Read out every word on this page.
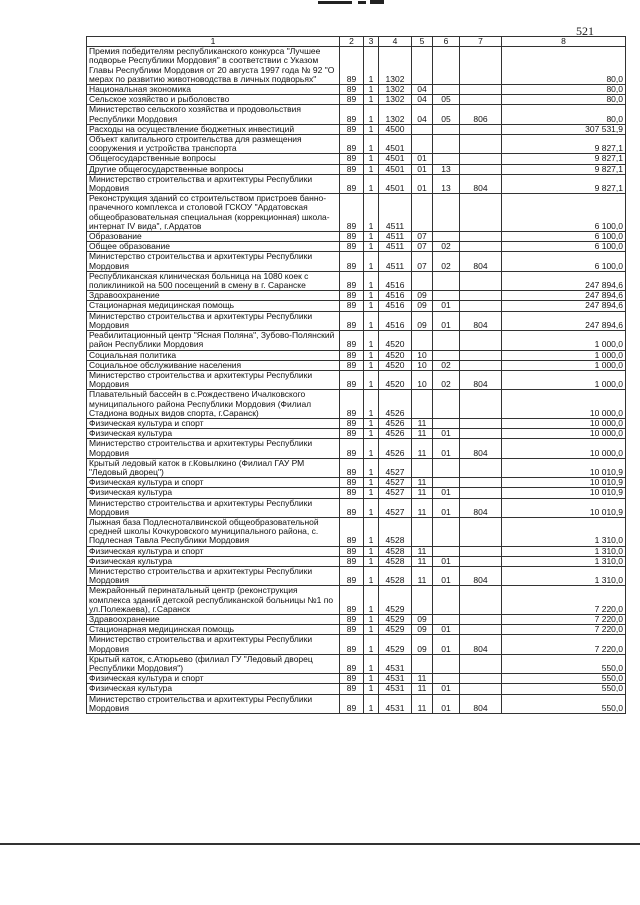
521
1	2	3	4	5	6	7	8
Премия победителям республиканского конкурса "Лучшее подворье Республики Мордовия" в соответствии с Указом Главы Республики Мордовия от 20 августа 1997 года № 92 "О мерах по развитию животноводства в личных подворьях"	89	1	1302				80,0
Национальная экономика	89	1	1302	04			80,0
Сельское хозяйство и рыболовство	89	1	1302	04	05		80,0
Министерство сельского хозяйства и продовольствия Республики Мордовия	89	1	1302	04	05	806	80,0
Расходы на осуществление бюджетных инвестиций	89	1	4500				307 531,9
Объект капитального строительства для размещения сооружения и устройства транспорта	89	1	4501				9 827,1
Общегосударственные вопросы	89	1	4501	01			9 827,1
Другие общегосударственные вопросы	89	1	4501	01	13		9 827,1
Министерство строительства и архитектуры Республики Мордовия	89	1	4501	01	13	804	9 827,1
Реконструкция зданий со строительством пристроев банно-прачечного комплекса и столовой ГСКОУ "Ардатовская общеобразовательная специальная (коррекционная) школа-интернат IV вида", г.Ардатов	89	1	4511				6 100,0
Образование	89	1	4511	07			6 100,0
Общее образование	89	1	4511	07	02		6 100,0
Министерство строительства и архитектуры Республики Мордовия	89	1	4511	07	02	804	6 100,0
Республиканская клиническая больница на 1080 коек с поликлиникой на 500 посещений в смену в г. Саранске	89	1	4516				247 894,6
Здравоохранение	89	1	4516	09			247 894,6
Стационарная медицинская помощь	89	1	4516	09	01		247 894,6
Министерство строительства и архитектуры Республики Мордовия	89	1	4516	09	01	804	247 894,6
Реабилитационный центр "Ясная Поляна", Зубово-Полянский район Республики Мордовия	89	1	4520				1 000,0
Социальная политика	89	1	4520	10			1 000,0
Социальное обслуживание населения	89	1	4520	10	02		1 000,0
Министерство строительства и архитектуры Республики Мордовия	89	1	4520	10	02	804	1 000,0
Плавательный бассейн в с.Рождествено Ичалковского муниципального района Республики Мордовия (Филиал Стадиона водных видов спорта, г.Саранск)	89	1	4526				10 000,0
Физическая культура и спорт	89	1	4526	11			10 000,0
Физическая культура	89	1	4526	11	01		10 000,0
Министерство строительства и архитектуры Республики Мордовия	89	1	4526	11	01	804	10 000,0
Крытый ледовый каток в г.Ковылкино (Филиал ГАУ РМ "Ледовый дворец")	89	1	4527				10 010,9
Физическая культура и спорт	89	1	4527	11			10 010,9
Физическая культура	89	1	4527	11	01		10 010,9
Министерство строительства и архитектуры Республики Мордовия	89	1	4527	11	01	804	10 010,9
Лыжная база Подлесноталвинской общеобразовательной средней школы Кочкуровского муниципального района, с. Подлесная Тавла Республики Мордовия	89	1	4528				1 310,0
Физическая культура и спорт	89	1	4528	11			1 310,0
Физическая культура	89	1	4528	11	01		1 310,0
Министерство строительства и архитектуры Республики Мордовия	89	1	4528	11	01	804	1 310,0
Межрайонный перинатальный центр (реконструкция комплекса зданий детской республиканской больницы №1 по ул.Полежаева), г.Саранск	89	1	4529				7 220,0
Здравоохранение	89	1	4529	09			7 220,0
Стационарная медицинская помощь	89	1	4529	09	01		7 220,0
Министерство строительства и архитектуры Республики Мордовия	89	1	4529	09	01	804	7 220,0
Крытый каток, с.Атюрьево (филиал ГУ "Ледовый дворец Республики Мордовия")	89	1	4531				550,0
Физическая культура и спорт	89	1	4531	11			550,0
Физическая культура	89	1	4531	11	01		550,0
Министерство строительства и архитектуры Республики Мордовия	89	1	4531	11	01	804	550,0
